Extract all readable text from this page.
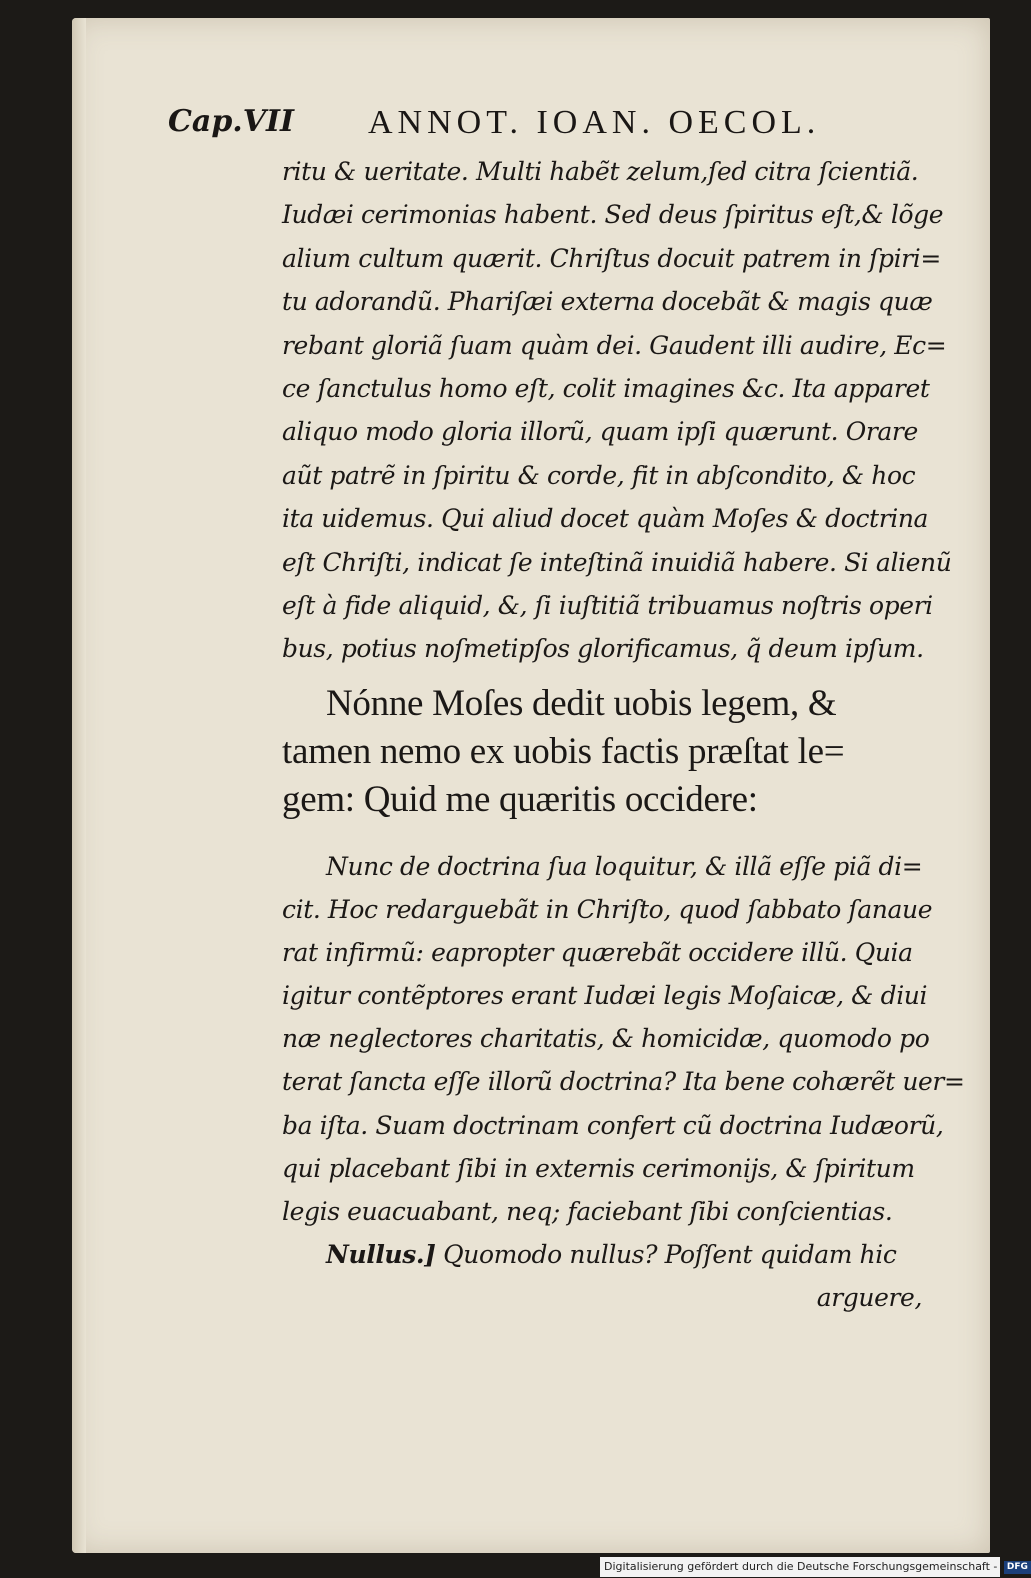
Cap.VII ANNOT. IOAN. OECOL.
ritu & ueritate. Multi habẽt zelum,ſed citra ſcientiã.
Iudæi cerimonias habent. Sed deus ſpiritus eſt,& lõge
alium cultum quærit. Chriſtus docuit patrem in ſpiri=
tu adorandũ. Phariſæi externa docebãt & magis quæ
rebant gloriã ſuam quàm dei. Gaudent illi audire, Ec=
ce ſanctulus homo eſt, colit imagines &c. Ita apparet
aliquo modo gloria illorũ, quam ipſi quærunt. Orare
aũt patrẽ in ſpiritu & corde, fit in abſcondito, & hoc
ita uidemus. Qui aliud docet quàm Moſes & doctrina
eſt Chriſti, indicat ſe inteſtinã inuidiã habere. Si alienũ
eſt à fide aliquid, &, ſi iuſtitiã tribuamus noſtris operi
bus, potius noſmetipſos glorificamus, q̃ deum ipſum.
Nónne Moſes dedit uobis legem, &
tamen nemo ex uobis factis præſtat le=
gem: Quid me quæritis occidere:
Nunc de doctrina ſua loquitur, & illã eſſe piã di=
cit. Hoc redarguebãt in Chriſto, quod ſabbato ſanaue
rat infirmũ: eapropter quærebãt occidere illũ. Quia
igitur contẽptores erant Iudæi legis Moſaicæ, & diui
næ neglectores charitatis, & homicidæ, quomodo po
terat ſancta eſſe illorũ doctrina? Ita bene cohærẽt uer=
ba iſta. Suam doctrinam confert cũ doctrina Iudæorũ,
qui placebant ſibi in externis cerimonijs, & ſpiritum
legis euacuabant, neq; faciebant ſibi conſcientias.
Nullus.] Quomodo nullus? Poſſent quidam hic
arguere,
Digitalisierung gefördert durch die Deutsche Forschungsgemeinschaft - DFG
